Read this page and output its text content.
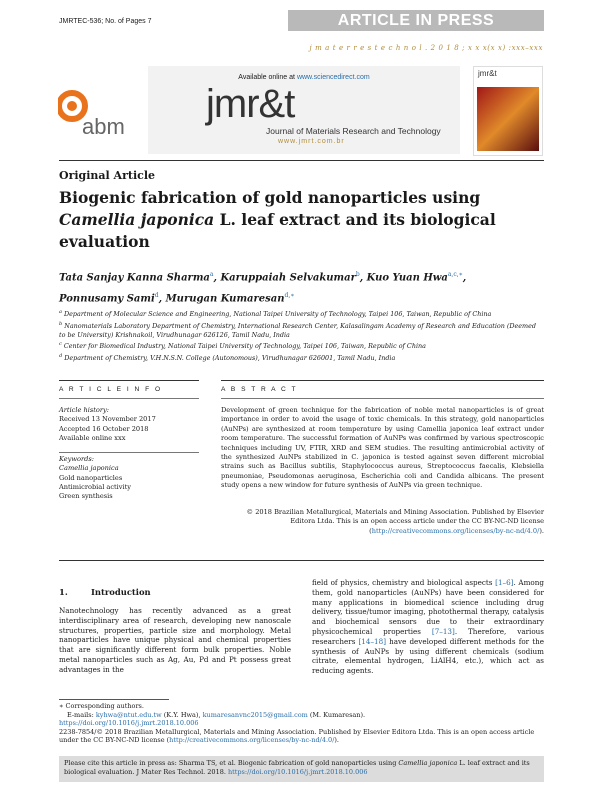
JMRTEC-536; No. of Pages 7	ARTICLE IN PRESS
j m a t e r r e s t e c h n o l . 2 0 1 8 ; x x x(x x) :xxx–xxx
abm
Available online at www.sciencedirect.com
jmr&t
Journal of Materials Research and Technology
www.jmrt.com.br
jmr&t
Original Article
Biogenic fabrication of gold nanoparticles using
Camellia japonica L. leaf extract and its biological
evaluation
Tata Sanjay Kanna Sharma$^a$, Karuppaiah Selvakumar$^b$, Kuo Yuan Hwa$^{a,c,∗}$,
Ponnusamy Sami$^d$, Murugan Kumaresan$^{d,∗}$
$^a$ Department of Molecular Science and Engineering, National Taipei University of Technology, Taipei 106, Taiwan, Republic of China
$^b$ Nanomaterials Laboratory Department of Chemistry, International Research Center, Kalasalingam Academy of Research and Education (Deemed to be University) Krishnakoil, Virudhunagar 626126, Tamil Nadu, India
$^c$ Center for Biomedical Industry, National Taipei University of Technology, Taipei 106, Taiwan, Republic of China
$^d$ Department of Chemistry, V.H.N.S.N. College (Autonomous), Virudhunagar 626001, Tamil Nadu, India
A R T I C L E I N F O	A B S T R A C T
Article history:
Received 13 November 2017
Accepted 16 October 2018
Available online xxx
Keywords:
Camellia japonica
Gold nanoparticles
Antimicrobial activity
Green synthesis
Development of green technique for the fabrication of noble metal nanoparticles is of great importance in order to avoid the usage of toxic chemicals. In this strategy, gold nanoparticles (AuNPs) are synthesized at room temperature by using Camellia japonica leaf extract under room temperature. The successful formation of AuNPs was confirmed by various spectroscopic techniques including UV, FTIR, XRD and SEM studies. The resulting antimicrobial activity of the synthesized AuNPs stabilized in C. japonica is tested against seven different microbial strains such as Bacillus subtilis, Staphylococcus aureus, Streptococcus faecalis, Klebsiella pneumoniae, Pseudomonas aeruginosa, Escherichia coli and Candida albicans. The present study opens a new window for future synthesis of AuNPs via green technique.
© 2018 Brazilian Metallurgical, Materials and Mining Association. Published by Elsevier Editora Ltda. This is an open access article under the CC BY-NC-ND license (http://creativecommons.org/licenses/by-nc-nd/4.0/).
1.	Introduction
Nanotechnology has recently advanced as a great interdisciplinary area of research, developing new nanoscale structures, properties, particle size and morphology. Metal nanoparticles have unique physical and chemical properties that are significantly different form bulk properties. Noble metal nanoparticles such as Ag, Au, Pd and Pt possess great advantages in the
field of physics, chemistry and biological aspects [1–6]. Among them, gold nanoparticles (AuNPs) have been considered for many applications in biomedical science including drug delivery, tissue/tumor imaging, photothermal therapy, catalysis and biochemical sensors due to their extraordinary physicochemical properties [7–13]. Therefore, various researchers [14–18] have developed different methods for the synthesis of AuNPs by using different chemicals (sodium citrate, elemental hydrogen, LiAlH4, etc.), which act as reducing agents.
∗ Corresponding authors.
E-mails: kyhwa@ntut.edu.tw (K.Y. Hwa), kumaresanvnc2015@gmail.com (M. Kumaresan).
https://doi.org/10.1016/j.jmrt.2018.10.006
2238-7854/© 2018 Brazilian Metallurgical, Materials and Mining Association. Published by Elsevier Editora Ltda. This is an open access article under the CC BY-NC-ND license (http://creativecommons.org/licenses/by-nc-nd/4.0/).
Please cite this article in press as: Sharma TS, et al. Biogenic fabrication of gold nanoparticles using Camellia japonica L. leaf extract and its biological evaluation. J Mater Res Technol. 2018. https://doi.org/10.1016/j.jmrt.2018.10.006
